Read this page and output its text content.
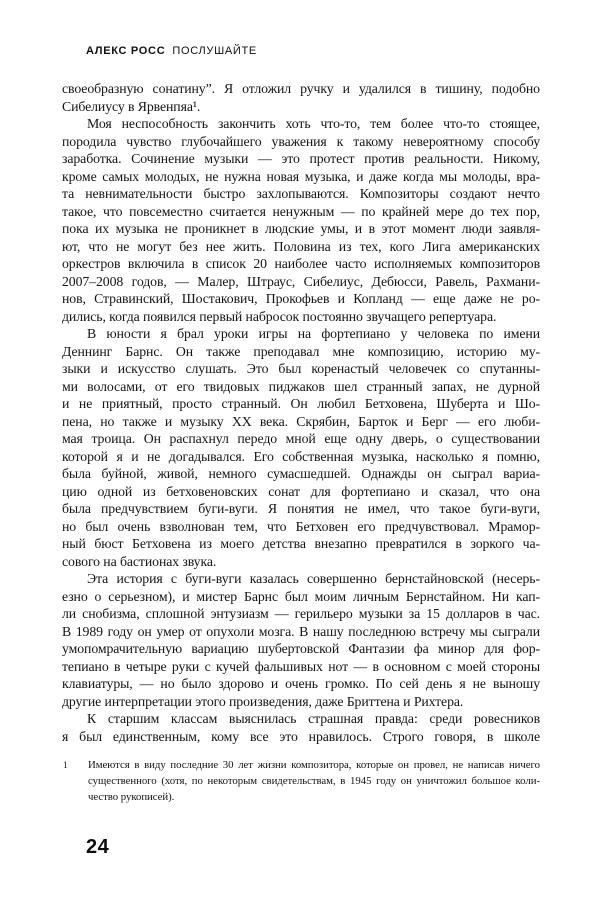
АЛЕКС РОСС ПОСЛУШАЙТЕ
своеобразную сонатину”. Я отложил ручку и удалился в тишину, подобно
Сибелиусу в Ярвенпяа¹.
Моя неспособность закончить хоть что-то, тем более что-то стоящее,
породила чувство глубочайшего уважения к такому невероятному способу
заработка. Сочинение музыки — это протест против реальности. Никому,
кроме самых молодых, не нужна новая музыка, и даже когда мы молоды, вра-
та невнимательности быстро захлопываются. Композиторы создают нечто
такое, что повсеместно считается ненужным — по крайней мере до тех пор,
пока их музыка не проникнет в людские умы, и в этот момент люди заявля-
ют, что не могут без нее жить. Половина из тех, кого Лига американских
оркестров включила в список 20 наиболее часто исполняемых композиторов
2007–2008 годов, — Малер, Штраус, Сибелиус, Дебюсси, Равель, Рахмани-
нов, Стравинский, Шостакович, Прокофьев и Копланд — еще даже не ро-
дились, когда появился первый набросок постоянно звучащего репертуара.
В юности я брал уроки игры на фортепиано у человека по имени
Деннинг Барнс. Он также преподавал мне композицию, историю му-
зыки и искусство слушать. Это был коренастый человечек со спутанны-
ми волосами, от его твидовых пиджаков шел странный запах, не дурной
и не приятный, просто странный. Он любил Бетховена, Шуберта и Шо-
пена, но также и музыку XX века. Скрябин, Барток и Берг — его люби-
мая троица. Он распахнул передо мной еще одну дверь, о существовании
которой я и не догадывался. Его собственная музыка, насколько я помню,
была буйной, живой, немного сумасшедшей. Однажды он сыграл вариа-
цию одной из бетховеновских сонат для фортепиано и сказал, что она
была предчувствием буги-вуги. Я понятия не имел, что такое буги-вуги,
но был очень взволнован тем, что Бетховен его предчувствовал. Мрамор-
ный бюст Бетховена из моего детства внезапно превратился в зоркого ча-
сового на бастионах звука.
Эта история с буги-вуги казалась совершенно бернстайновской (несерь-
езно о серьезном), и мистер Барнс был моим личным Бернстайном. Ни кап-
ли снобизма, сплошной энтузиазм — герильеро музыки за 15 долларов в час.
В 1989 году он умер от опухоли мозга. В нашу последнюю встречу мы сыграли
умопомрачительную вариацию шубертовской Фантазии фа минор для фор-
тепиано в четыре руки с кучей фальшивых нот — в основном с моей стороны
клавиатуры, — но было здорово и очень громко. По сей день я не выношу
другие интерпретации этого произведения, даже Бриттена и Рихтера.
К старшим классам выяснилась страшная правда: среди ровесников
я был единственным, кому все это нравилось. Строго говоря, в школе
1 Имеются в виду последние 30 лет жизни композитора, которые он провел, не написав ничего
существенного (хотя, по некоторым свидетельствам, в 1945 году он уничтожил большое коли-
чество рукописей).
24
